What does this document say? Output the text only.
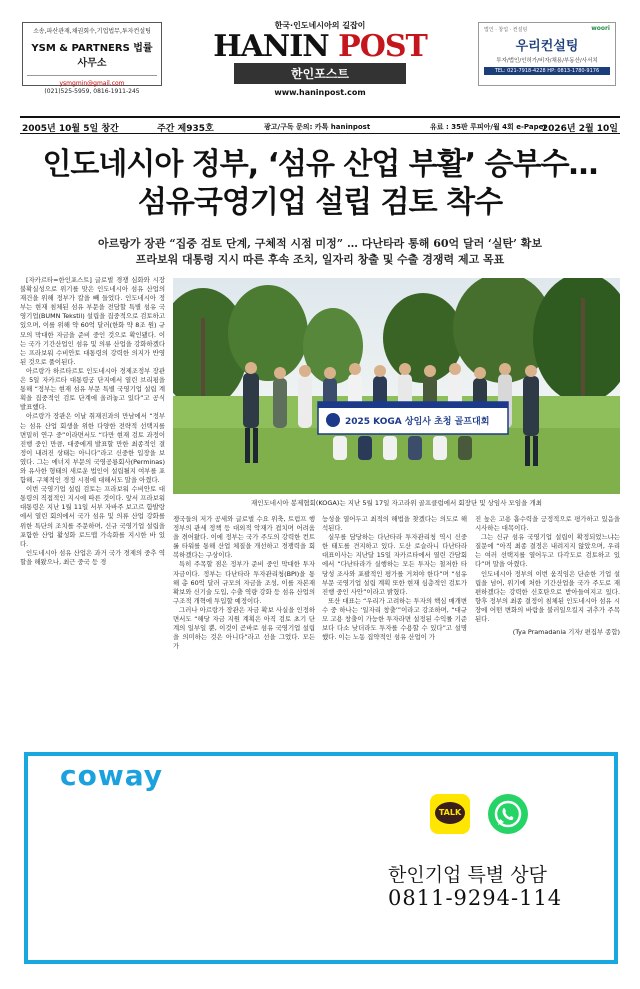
소송,파산관재,채권회수,기업법무,투자컨설팅
YSM & PARTNERS 법률사무소
ysmgmin@gmail.com
(021)525-5959, 0816-1911-245
한국·인도네시아의 길잡이
HANIN POST
한인포스트
www.haninpost.com
법인 · 창업 · 컨설팅	woori
우리컨설팅
투자/법인/인허가/비자/채용/부동산/사서치
TEL: 021-7918-4228 HP: 0813-1780-9176
2005년 10월 5일 창간	주간 제935호	광고/구독 문의: 카톡 haninpost	유료 : 35판 루피아/월 4회 e-Paper
2026년 2월 10일
인도네시아 정부, ‘섬유 산업 부활’ 승부수…
섬유국영기업 설립 검토 착수
아르랑가 장관 “집중 검토 단계, 구체적 시점 미정” … 다난타라 통해 60억 달러 ‘실탄’ 확보
프라보워 대통령 지시 따른 후속 조치, 일자리 창출 및 수출 경쟁력 제고 목표

[자카르타=한인포스트] 글로벌 경쟁 심화와 시장 불확실성으로 위기를 맞은 인도네시아 섬유 산업의 재건을 위해 정부가 칼을 빼 들었다. 인도네시아 정부는 현재 침체된 섬유 부문을 전담할 특별 섬유 국영기업(BUMN Tekstil) 설립을 집중적으로 검토하고 있으며, 이를 위해 약 60억 달러(한화 약 8조 원) 규모의 막대한 자금을 준비 중인 것으로 확인됐다. 이는 국가 기간산업인 섬유 및 의류 산업을 강화하겠다는 프라보워 수비안토 대통령의 강력한 의지가 반영된 것으로 풀이된다.

아르랑가 하르타르토 인도네시아 경제조정부 장관은 5일 자카르타 대통령궁 단지에서 열린 브리핑을 통해 “정부는 현재 섬유 부문 특별 국영기업 설립 계획을 집중적인 검토 단계에 올려놓고 있다”고 공식 발표했다.

아르랑가 장관은 이날 취재진과의 만남에서 “정부는 섬유 산업 회생을 위한 다양한 전략적 선택지를 면밀히 연구 중”이라면서도 “다만 현재 검토 과정이 진행 중인 만큼, 대중에게 발표할 만한 최종적인 결정이 내려진 상태는 아니다”라고 신중한 입장을 보였다. 그는 에너지 부문의 국영공룡회사(Perminas)와 유사한 형태의 새로운 법인이 설립될지 여부를 포함해, 구체적인 경정 시점에 대해서도 말을 아꼈다.

이번 국영기업 설립 검토는 프라보워 수비안토 대통령의 직접적인 지시에 따른 것이다. 앞서 프라보워 대통령은 지난 1월 11일 서부 자바주 보고르 함발랑에서 열린 회의에서 국가 섬유 및 의류 산업 강화를 위한 특단의 조치를 주문하며, 신규 국영기업 설립을 포함한 산업 활성화 로드맵 가속화를 지시한 바 있다.

인도네시아 섬유 산업은 과거 국가 경제의 중추 역할을 해왔으나, 최근 중국 등 경

2025 KOGA 상임사 초청 골프대회
재인도네시아 봉제협회(KOGA)는 지난 5월 17일 자고라위 골프클럽에서 회장단 및 상임사 모임을 개최

쟁국들의 저가 공세와 글로벌 수요 위축, 트럼프 행정부의 관세 정책 등 대외적 악재가 겹치며 어려움을 겪어왔다. 이에 정부는 국가 주도의 강력한 컨트롤 타워를 통해 산업 체질을 개선하고 경쟁력을 회복하겠다는 구상이다.

특히 주목할 점은 정부가 준비 중인 막대한 투자 자금이다. 정부는 다난타라 투자관리청(BPI)을 통해 총 60억 달러 규모의 자금을 조성, 이를 자본재 확보와 신기술 도입, 수출 역량 강화 등 섬유 산업의 구조적 개혁에 투입할 예정이다.

그러나 아르랑가 장관은 자금 확보 사실을 인정하면서도 “해당 자금 지원 계획은 아직 검토 초기 단계의 일부일 뿐, 이것이 곧바로 섬유 국영기업 설립을 의미하는 것은 아니다”라고 선을 그었다. 모든 가

능성을 열어두고 최적의 해법을 찾겠다는 의도로 해석된다.

실무를 담당하는 다난타라 투자관리청 역시 신중한 태도를 견지하고 있다. 도산 로슬라니 다난타라 대표이사는 지난달 15일 자카르타에서 열린 간담회에서 “다난타라가 실행하는 모든 투자는 철저한 타당성 조사와 포괄적인 평가를 거쳐야 한다”며 “섬유 부문 국영기업 설립 계획 또한 현재 심층적인 검토가 진행 중인 사안”이라고 밝혔다.

또산 대표는 “우리가 고려하는 투자의 핵심 매개변수 중 하나는 ‘일자리 창출’”이라고 강조하며, “대규모 고용 창출이 가능한 투자라면 설정된 수익률 기준보다 다소 낮더라도 투자를 수용할 수 있다”고 설명했다. 이는 노동 집약적인 섬유 산업이 가

진 높은 고용 흡수력을 긍정적으로 평가하고 있음을 시사하는 대목이다.

그는 신규 섬유 국영기업 설립이 확정되었느냐는 질문에 “아직 최종 결정은 내려지지 않았으며, 우리는 여러 선택지를 열어두고 다각도로 검토하고 있다”며 말을 아꼈다.

인도네시아 정부의 이번 움직임은 단순한 기업 설립을 넘어, 위기에 처한 기간산업을 국가 주도로 재편하겠다는 강력한 신호탄으로 받아들여지고 있다. 향후 정부의 최종 결정이 침체된 인도네시아 섬유 시장에 어떤 변화의 바람을 불러일으킬지 귀추가 주목된다.

(Tya Pramadania 기자/ 편집부 종합)

coway
TALK
한인기업 특별 상담
0811-9294-114
